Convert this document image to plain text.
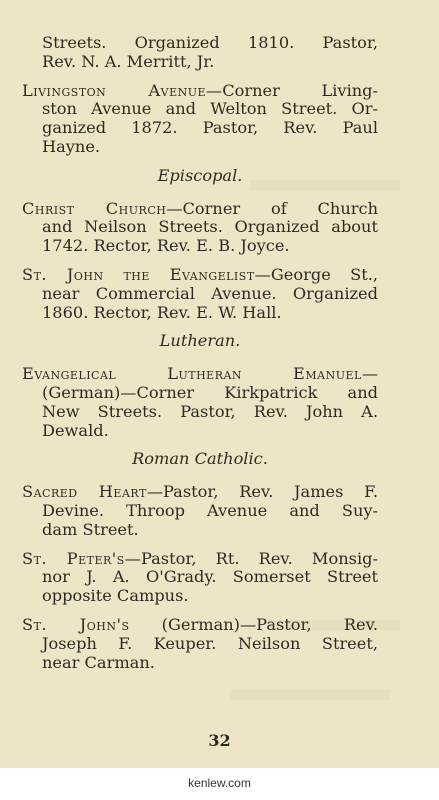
Streets. Organized 1810. Pastor,
Rev. N. A. Merritt, Jr.
Livingston Avenue—Corner Living-
ston Avenue and Welton Street. Or-
ganized 1872. Pastor, Rev. Paul
Hayne.
Episcopal.
Christ Church—Corner of Church
and Neilson Streets. Organized about
1742. Rector, Rev. E. B. Joyce.
St. John the Evangelist—George St.,
near Commercial Avenue. Organized
1860. Rector, Rev. E. W. Hall.
Lutheran.
Evangelical Lutheran Emanuel—
(German)—Corner Kirkpatrick and
New Streets. Pastor, Rev. John A.
Dewald.
Roman Catholic.
Sacred Heart—Pastor, Rev. James F.
Devine. Throop Avenue and Suy-
dam Street.
St. Peter's—Pastor, Rt. Rev. Monsig-
nor J. A. O'Grady. Somerset Street
opposite Campus.
St. John's (German)—Pastor, Rev.
Joseph F. Keuper. Neilson Street,
near Carman.
32
kenlew.com
